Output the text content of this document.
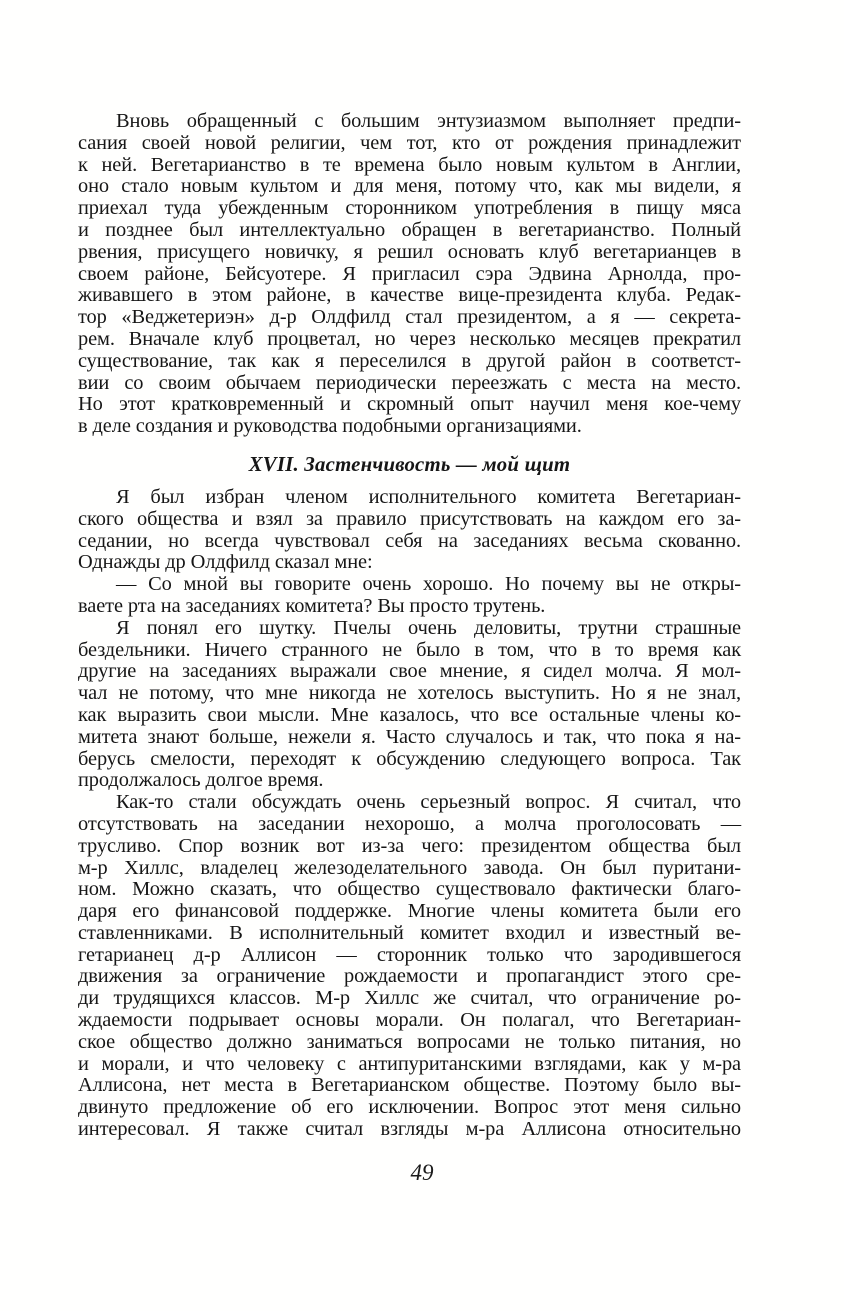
Вновь обращенный с большим энтузиазмом выполняет предпи-
сания своей новой религии, чем тот, кто от рождения принадлежит
к ней. Вегетарианство в те времена было новым культом в Англии,
оно стало новым культом и для меня, потому что, как мы видели, я
приехал туда убежденным сторонником употребления в пищу мяса
и позднее был интеллектуально обращен в вегетарианство. Полный
рвения, присущего новичку, я решил основать клуб вегетарианцев в
своем районе, Бейсуотере. Я пригласил сэра Эдвина Арнолда, про-
живавшего в этом районе, в качестве вице-президента клуба. Редак-
тор «Веджетериэн» д-р Олдфилд стал президентом, а я — секрета-
рем. Вначале клуб процветал, но через несколько месяцев прекратил
существование, так как я переселился в другой район в соответст-
вии со своим обычаем периодически переезжать с места на место.
Но этот кратковременный и скромный опыт научил меня кое-чему
в деле создания и руководства подобными организациями.
XVII. Застенчивость — мой щит
Я был избран членом исполнительного комитета Вегетариан-
ского общества и взял за правило присутствовать на каждом его за-
седании, но всегда чувствовал себя на заседаниях весьма скованно.
Однажды др Олдфилд сказал мне:
— Со мной вы говорите очень хорошо. Но почему вы не откры-
ваете рта на заседаниях комитета? Вы просто трутень.
Я понял его шутку. Пчелы очень деловиты, трутни страшные
бездельники. Ничего странного не было в том, что в то время как
другие на заседаниях выражали свое мнение, я сидел молча. Я мол-
чал не потому, что мне никогда не хотелось выступить. Но я не знал,
как выразить свои мысли. Мне казалось, что все остальные члены ко-
митета знают больше, нежели я. Часто случалось и так, что пока я на-
берусь смелости, переходят к обсуждению следующего вопроса. Так
продолжалось долгое время.
Как-то стали обсуждать очень серьезный вопрос. Я считал, что
отсутствовать на заседании нехорошо, а молча проголосовать —
трусливо. Спор возник вот из-за чего: президентом общества был
м-р Хиллс, владелец железоделательного завода. Он был пуритани-
ном. Можно сказать, что общество существовало фактически благо-
даря его финансовой поддержке. Многие члены комитета были его
ставленниками. В исполнительный комитет входил и известный ве-
гетарианец д-р Аллисон — сторонник только что зародившегося
движения за ограничение рождаемости и пропагандист этого сре-
ди трудящихся классов. М-р Хиллс же считал, что ограничение ро-
ждаемости подрывает основы морали. Он полагал, что Вегетариан-
ское общество должно заниматься вопросами не только питания, но
и морали, и что человеку с антипуританскими взглядами, как у м-ра
Аллисона, нет места в Вегетарианском обществе. Поэтому было вы-
двинуто предложение об его исключении. Вопрос этот меня сильно
интересовал. Я также считал взгляды м-ра Аллисона относительно
49
